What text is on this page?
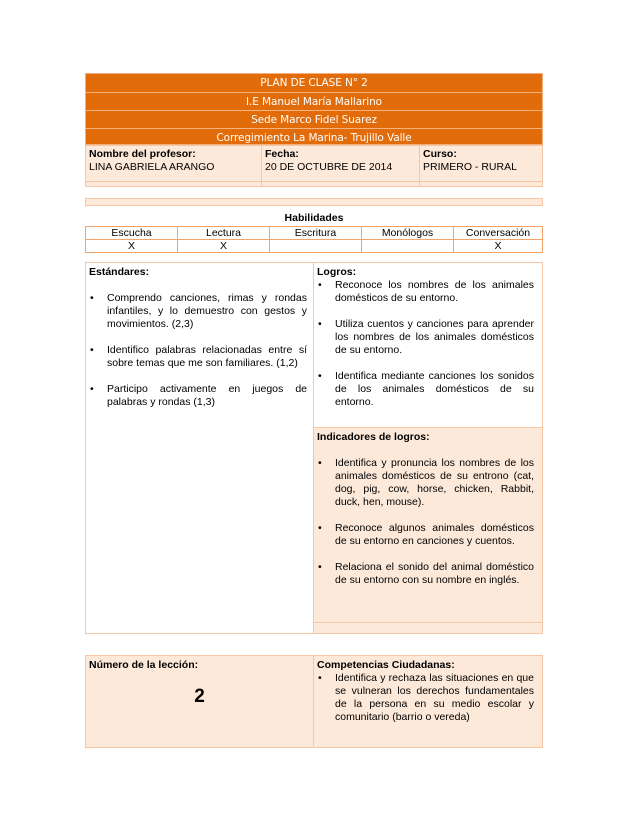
PLAN DE CLASE N° 2
I.E Manuel María Mallarino
Sede Marco Fidel Suarez
Corregimiento La Marina- Trujillo Valle
Nombre del profesor:
LINA GABRIELA ARANGO
Fecha:
20 DE OCTUBRE DE 2014
Curso:
PRIMERO - RURAL
Habilidades
Escucha	Lectura	Escritura	Monólogos	Conversación
X	X			X
Estándares:
• Comprendo canciones, rimas y rondas infantiles, y lo demuestro con gestos y movimientos. (2,3)
• Identifico palabras relacionadas entre sí sobre temas que me son familiares. (1,2)
• Participo activamente en juegos de palabras y rondas (1,3)
Logros:
• Reconoce los nombres de los animales domésticos de su entorno.
• Utiliza cuentos y canciones para aprender los nombres de los animales domésticos de su entorno.
• Identifica mediante canciones los sonidos de los animales domésticos de su entorno.
Indicadores de logros:
• Identifica y pronuncia los nombres de los animales domésticos de su entrono (cat, dog, pig, cow, horse, chicken, Rabbit, duck, hen, mouse).
• Reconoce algunos animales domésticos de su entorno en canciones y cuentos.
• Relaciona el sonido del animal doméstico de su entorno con su nombre en inglés.
Número de la lección:
2
Competencias Ciudadanas:
• Identifica y rechaza las situaciones en que se vulneran los derechos fundamentales de la persona en su medio escolar y comunitario (barrio o vereda)
